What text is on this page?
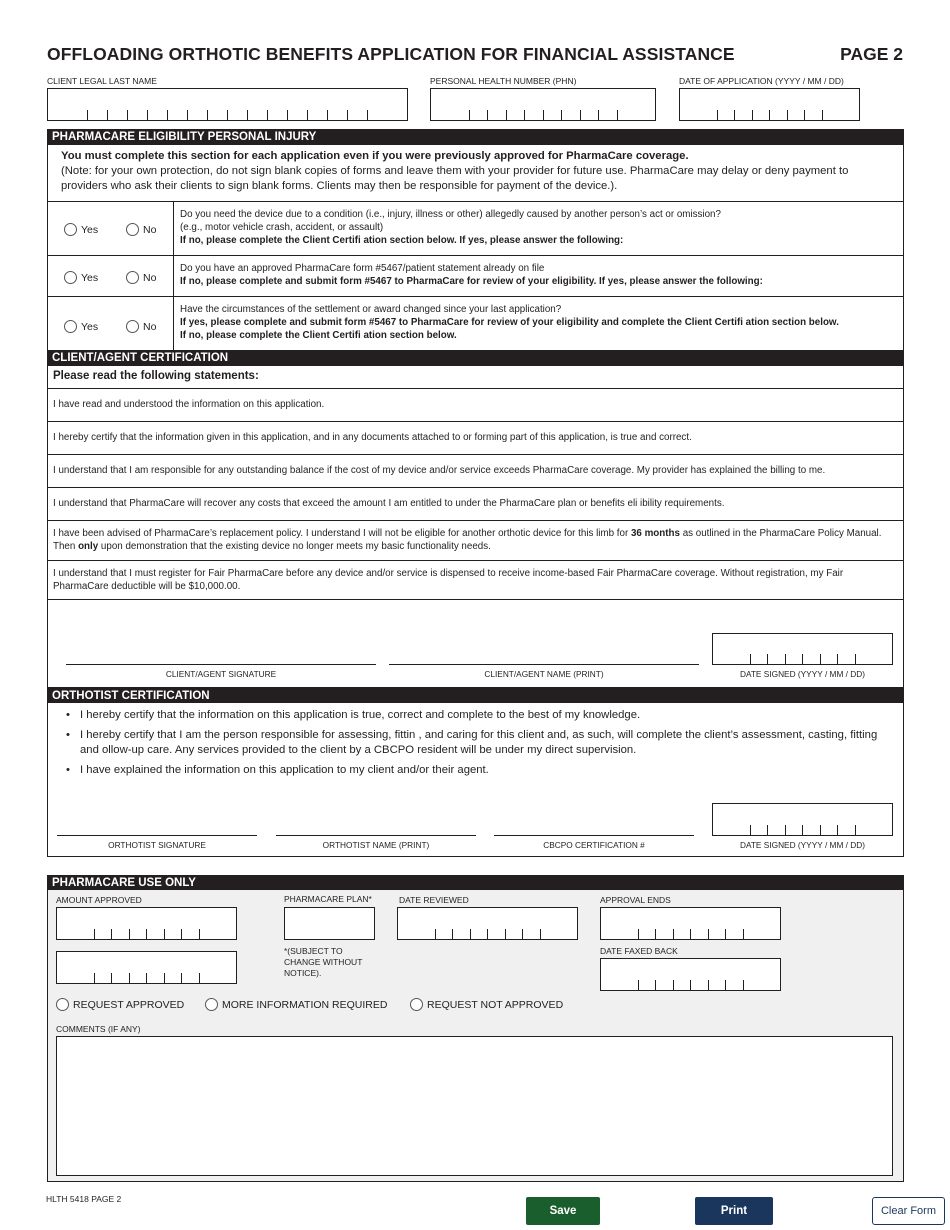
OFFLOADING ORTHOTIC BENEFITS APPLICATION FOR FINANCIAL ASSISTANCE	PAGE 2
CLIENT LEGAL LAST NAME	PERSONAL HEALTH NUMBER (PHN)	DATE OF APPLICATION (YYYY / MM / DD)
PHARMACARE ELIGIBILITY PERSONAL INJURY
You must complete this section for each application even if you were previously approved for PharmaCare coverage.
(Note: for your own protection, do not sign blank copies of forms and leave them with your provider for future use. PharmaCare may delay or deny payment to providers who ask their clients to sign blank forms. Clients may then be responsible for payment of the device.).
Yes	No
Do you need the device due to a condition (i.e., injury, illness or other) allegedly caused by another person’s act or omission?
(e.g., motor vehicle crash, accident, or assault)
If no, please complete the Client Certifi ation section below. If yes, please answer the following:
Yes	No
Do you have an approved PharmaCare form #5467/patient statement already on file
If no, please complete and submit form #5467 to PharmaCare for review of your eligibility. If yes, please answer the following:
Yes	No
Have the circumstances of the settlement or award changed since your last application?
If yes, please complete and submit form #5467 to PharmaCare for review of your eligibility and complete the Client Certifi ation section below.
If no, please complete the Client Certifi ation section below.
CLIENT/AGENT CERTIFICATION
Please read the following statements:
I have read and understood the information on this application.
I hereby certify that the information given in this application, and in any documents attached to or forming part of this application, is true and correct.
I understand that I am responsible for any outstanding balance if the cost of my device and/or service exceeds PharmaCare coverage. My provider has explained the billing to me.
I understand that PharmaCare will recover any costs that exceed the amount I am entitled to under the PharmaCare plan or benefits eli ibility requirements.
I have been advised of PharmaCare’s replacement policy. I understand I will not be eligible for another orthotic device for this limb for 36 months as outlined in the PharmaCare Policy Manual. Then only upon demonstration that the existing device no longer meets my basic functionality needs.
I understand that I must register for Fair PharmaCare before any device and/or service is dispensed to receive income-based Fair PharmaCare coverage. Without registration, my Fair PharmaCare deductible will be $10,000.00.
CLIENT/AGENT SIGNATURE	CLIENT/AGENT NAME (PRINT)	DATE SIGNED (YYYY / MM / DD)
ORTHOTIST CERTIFICATION
• I hereby certify that the information on this application is true, correct and complete to the best of my knowledge.
• I hereby certify that I am the person responsible for assessing, fittin , and caring for this client and, as such, will complete the client’s assessment, casting, fitting and ollow-up care. Any services provided to the client by a CBCPO resident will be under my direct supervision.
• I have explained the information on this application to my client and/or their agent.
ORTHOTIST SIGNATURE	ORTHOTIST NAME (PRINT)	CBCPO CERTIFICATION #	DATE SIGNED (YYYY / MM / DD)
PHARMACARE USE ONLY
AMOUNT APPROVED	PHARMACARE PLAN*
*(SUBJECT TO CHANGE WITHOUT NOTICE).
DATE REVIEWED	APPROVAL ENDS
DATE FAXED BACK
REQUEST APPROVED	MORE INFORMATION REQUIRED	REQUEST NOT APPROVED
COMMENTS (IF ANY)
HLTH 5418 PAGE 2
Save	Print	Clear Form
